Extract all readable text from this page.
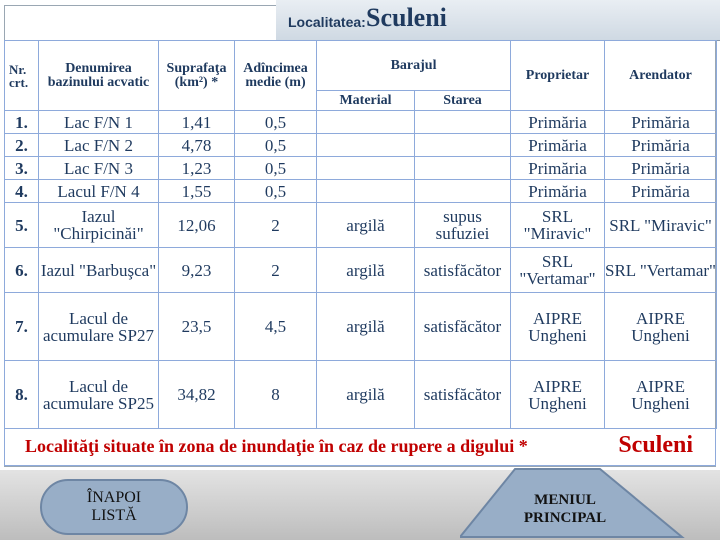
Localitatea: Sculeni
Nr. crt.	Denumirea bazinului acvatic	Suprafaţa (km²) *	Adîncimea medie (m)	Barajul		Proprietar	Arendator
				Material	Starea		
1.	Lac F/N 1	1,41	0,5			Primăria	Primăria
2.	Lac F/N 2	4,78	0,5			Primăria	Primăria
3.	Lac F/N 3	1,23	0,5			Primăria	Primăria
4.	Lacul F/N 4	1,55	0,5			Primăria	Primăria
5.	Iazul "Chirpicinăi"	12,06	2	argilă	supus sufuziei	SRL "Miravic"	SRL "Miravic"
6.	Iazul "Barbuşca"	9,23	2	argilă	satisfăcător	SRL "Vertamar"	SRL "Vertamar"
7.	Lacul de acumulare SP27	23,5	4,5	argilă	satisfăcător	AIPRE Ungheni	AIPRE Ungheni
8.	Lacul de acumulare SP25	34,82	8	argilă	satisfăcător	AIPRE Ungheni	AIPRE Ungheni
Localităţi situate în zona de inundaţie în caz de rupere a digului *	Sculeni
ÎNAPOI
LISTĂ
MENIUL
PRINCIPAL
